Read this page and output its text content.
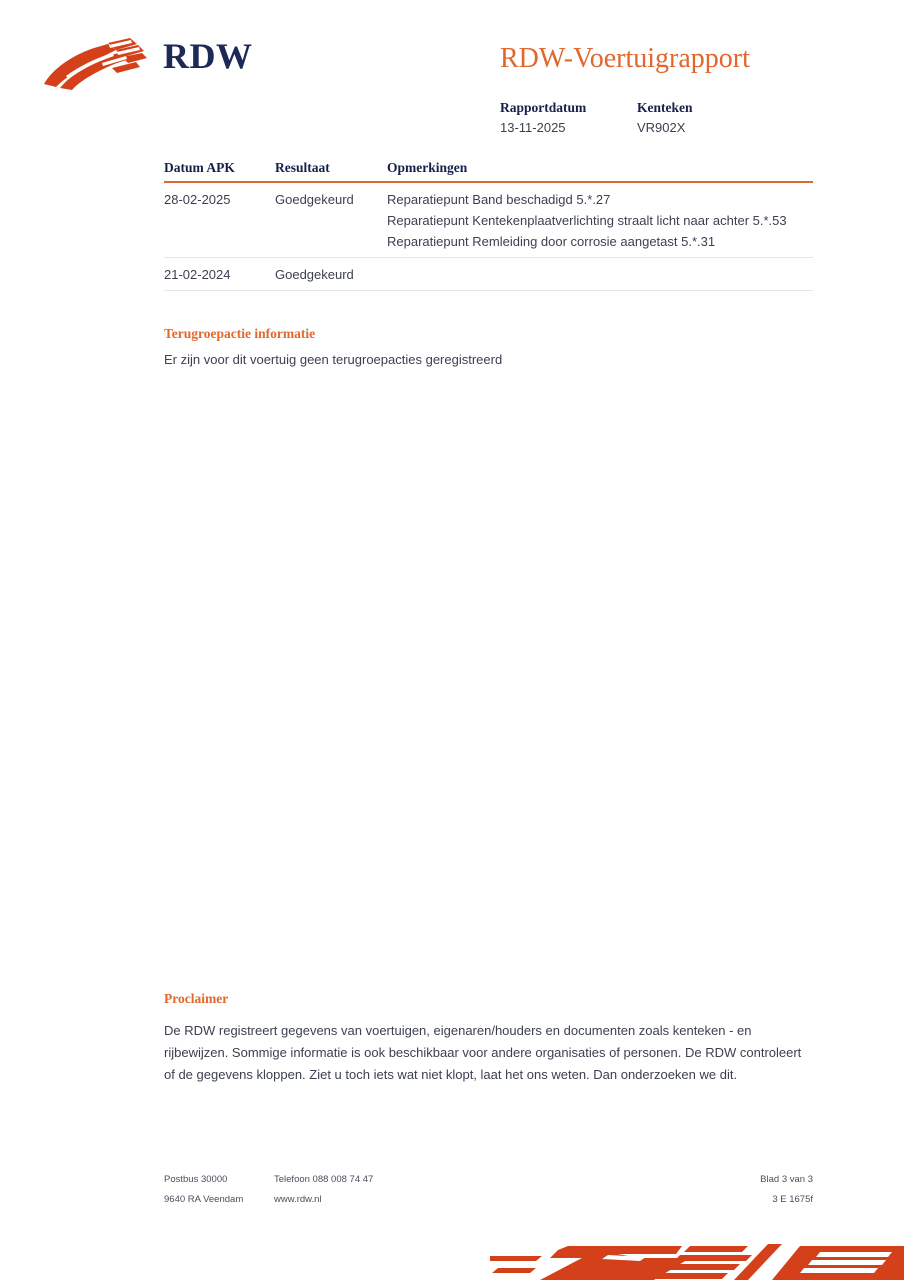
RDW	RDW-Voertuigrapport
Rapportdatum	Kenteken
13-11-2025	VR902X
Datum APK	Resultaat	Opmerkingen
28-02-2025	Goedgekeurd	Reparatiepunt Band beschadigd 5.*.27
Reparatiepunt Kentekenplaatverlichting straalt licht naar achter 5.*.53
Reparatiepunt Remleiding door corrosie aangetast 5.*.31
21-02-2024	Goedgekeurd

Terugroepactie informatie
Er zijn voor dit voertuig geen terugroepacties geregistreerd
Proclaimer
De RDW registreert gegevens van voertuigen, eigenaren/houders en documenten zoals kenteken - en rijbewijzen. Sommige informatie is ook beschikbaar voor andere organisaties of personen. De RDW controleert of de gegevens kloppen. Ziet u toch iets wat niet klopt, laat het ons weten. Dan onderzoeken we dit.
Postbus 30000	Telefoon 088 008 74 47	Blad 3 van 3
9640 RA Veendam	www.rdw.nl	3 E 1675f
